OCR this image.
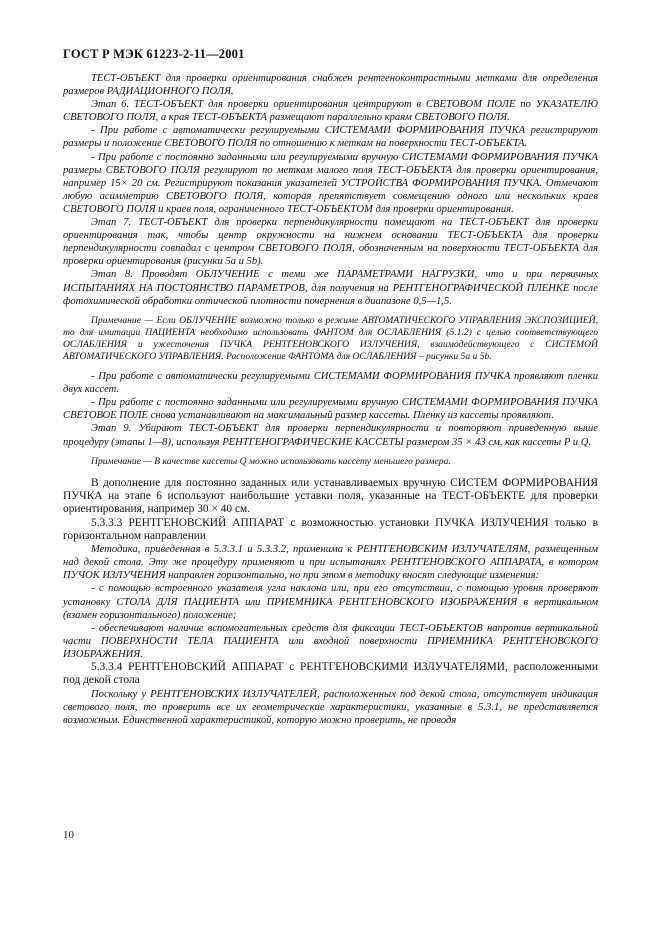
ГОСТ Р МЭК 61223-2-11—2001

ТЕСТ-ОБЪЕКТ для проверки ориентирования снабжен рентгеноконтрастными метками для определения размеров РАДИАЦИОННОГО ПОЛЯ.

Этап 6. ТЕСТ-ОБЪЕКТ для проверки ориентирования центрируют в СВЕТОВОМ ПОЛЕ по УКАЗАТЕЛЮ СВЕТОВОГО ПОЛЯ, а края ТЕСТ-ОБЪЕКТА размещают параллельно краям СВЕТОВОГО ПОЛЯ.

- При работе с автоматически регулируемыми СИСТЕМАМИ ФОРМИРОВАНИЯ ПУЧКА регистрируют размеры и положение СВЕТОВОГО ПОЛЯ по отношению к меткам на поверхности ТЕСТ-ОБЪЕКТА.

- При работе с постоянно заданными или регулируемыми вручную СИСТЕМАМИ ФОРМИРОВАНИЯ ПУЧКА размеры СВЕТОВОГО ПОЛЯ регулируют по меткам малого поля ТЕСТ-ОБЪЕКТА для проверки ориентирования, например 15× 20 см. Регистрируют показания указателей УСТРОЙСТВА ФОРМИРОВАНИЯ ПУЧКА. Отмечают любую асимметрию СВЕТОВОГО ПОЛЯ, которая препятствует совмещению одного или нескольких краев СВЕТОВОГО ПОЛЯ и краев поля, ограниченного ТЕСТ-ОБЪЕКТОМ для проверки ориентирования.

Этап 7. ТЕСТ-ОБЪЕКТ для проверки перпендикулярности помещают на ТЕСТ-ОБЪЕКТ для проверки ориентирования так, чтобы центр окружности на нижнем основании ТЕСТ-ОБЪЕКТА для проверки перпендикулярности совпадал с центром СВЕТОВОГО ПОЛЯ, обозначенным на поверхности ТЕСТ-ОБЪЕКТА для проверки ориентирования (рисунки 5a и 5b).

Этап 8. Проводят ОБЛУЧЕНИЕ с теми же ПАРАМЕТРАМИ НАГРУЗКИ, что и при первичных ИСПЫТАНИЯХ НА ПОСТОЯНСТВО ПАРАМЕТРОВ, для получения на РЕНТГЕНОГРАФИЧЕСКОЙ ПЛЕНКЕ после фотохимической обработки оптической плотности почернения в диапазоне 0,5—1,5.

Примечание — Если ОБЛУЧЕНИЕ возможно только в режиме АВТОМАТИЧЕСКОГО УПРАВЛЕНИЯ ЭКСПОЗИЦИЕЙ, то для имитации ПАЦИЕНТА необходимо использовать ФАНТОМ для ОСЛАБЛЕНИЯ (5.1.2) с целью соответствующего ОСЛАБЛЕНИЯ и ужесточения ПУЧКА РЕНТГЕНОВСКОГО ИЗЛУЧЕНИЯ, взаимодействующего с СИСТЕМОЙ АВТОМАТИЧЕСКОГО УПРАВЛЕНИЯ. Расположение ФАНТОМА для ОСЛАБЛЕНИЯ – рисунки 5a и 5b.

- При работе с автоматически регулируемыми СИСТЕМАМИ ФОРМИРОВАНИЯ ПУЧКА проявляют пленки двух кассет.

- При работе с постоянно заданными или регулируемыми вручную СИСТЕМАМИ ФОРМИРОВАНИЯ ПУЧКА СВЕТОВОЕ ПОЛЕ снова устанавливают на максимальный размер кассеты. Пленку из кассеты проявляют.

Этап 9. Убирают ТЕСТ-ОБЪЕКТ для проверки перпендикулярности и повторяют приведенную выше процедуру (этапы 1—8), используя РЕНТГЕНОГРАФИЧЕСКИЕ КАССЕТЫ размером 35 × 43 см, как кассеты P и Q.

Примечание — В качестве кассеты Q можно использовать кассету меньшего размера.

В дополнение для постоянно заданных или устанавливаемых вручную СИСТЕМ ФОРМИРОВАНИЯ ПУЧКА на этапе 6 используют наибольшие уставки поля, указанные на ТЕСТ-ОБЪЕКТЕ для проверки ориентирования, например 30 × 40 см.

5.3.3.3 РЕНТГЕНОВСКИЙ АППАРАТ с возможностью установки ПУЧКА ИЗЛУЧЕНИЯ только в горизонтальном направлении

Методика, приведенная в 5.3.3.1 и 5.3.3.2, применима к РЕНТГЕНОВСКИМ ИЗЛУЧАТЕЛЯМ, размещенным над декой стола. Эту же процедуру применяют и при испытаниях РЕНТГЕНОВСКОГО АППАРАТА, в котором ПУЧОК ИЗЛУЧЕНИЯ направлен горизонтально, но при этом в методику вносят следующие изменения:

- с помощью встроенного указателя угла наклона или, при его отсутствии, с помощью уровня проверяют установку СТОЛА ДЛЯ ПАЦИЕНТА или ПРИЕМНИКА РЕНТГЕНОВСКОГО ИЗОБРАЖЕНИЯ в вертикальном (взамен горизонтального) положение;

- обеспечивают наличие вспомогательных средств для фиксации ТЕСТ-ОБЪЕКТОВ напротив вертикальной части ПОВЕРХНОСТИ ТЕЛА ПАЦИЕНТА или входной поверхности ПРИЕМНИКА РЕНТГЕНОВСКОГО ИЗОБРАЖЕНИЯ.

5.3.3.4 РЕНТГЕНОВСКИЙ АППАРАТ с РЕНТГЕНОВСКИМИ ИЗЛУЧАТЕЛЯМИ, расположенными под декой стола

Поскольку у РЕНТГЕНОВСКИХ ИЗЛУЧАТЕЛЕЙ, расположенных под декой стола, отсутствует индикация светового поля, то проверить все их геометрические характеристики, указанные в 5.3.1, не представляется возможным. Единственной характеристикой, которую можно проверить, не проводя

10
